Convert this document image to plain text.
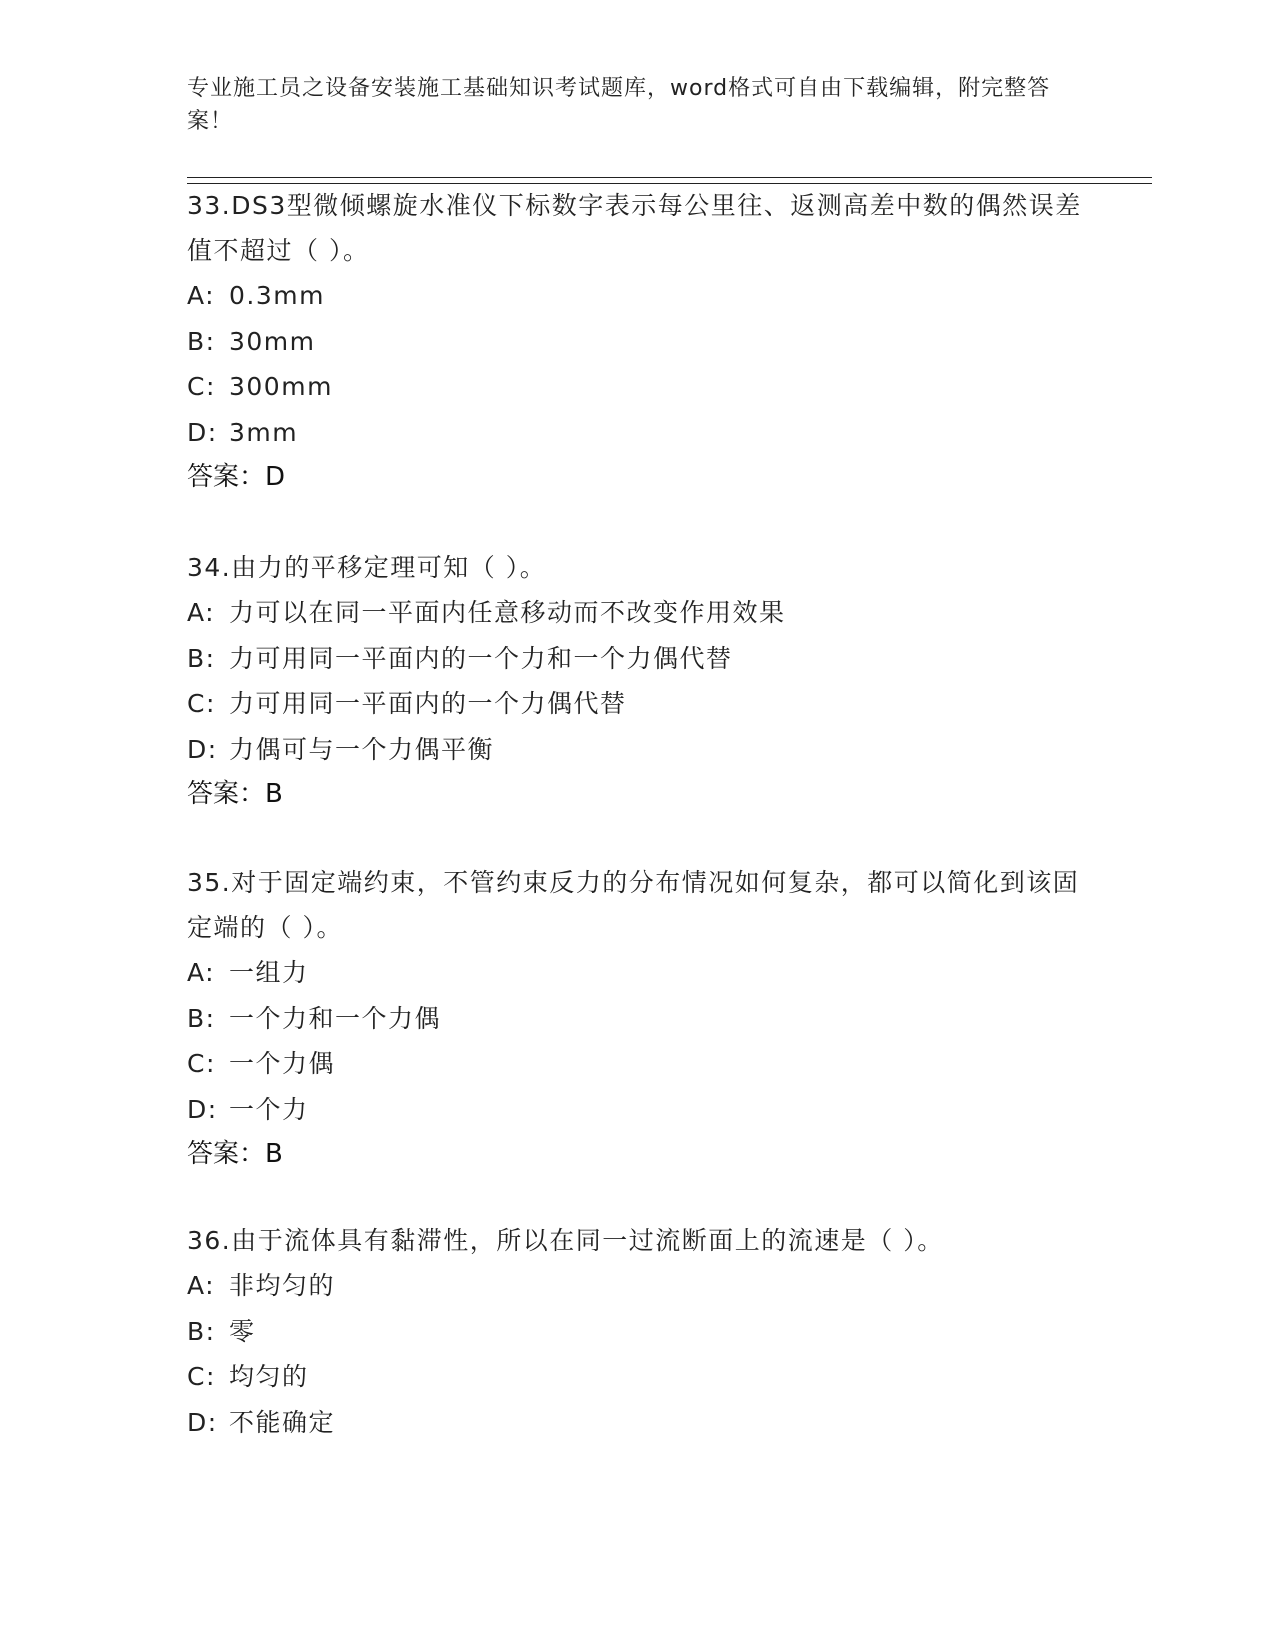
专业施工员之设备安装施工基础知识考试题库，word格式可自由下载编辑，附完整答案！

33.DS3型微倾螺旋水准仪下标数字表示每公里往、返测高差中数的偶然误差值不超过（ ）。

A: 0.3mm

B: 30mm

C: 300mm

D: 3mm

答案：D

34.由力的平移定理可知（ ）。

A: 力可以在同一平面内任意移动而不改变作用效果

B: 力可用同一平面内的一个力和一个力偶代替

C: 力可用同一平面内的一个力偶代替

D: 力偶可与一个力偶平衡

答案：B

35.对于固定端约束，不管约束反力的分布情况如何复杂，都可以简化到该固定端的（ ）。

A: 一组力

B: 一个力和一个力偶

C: 一个力偶

D: 一个力

答案：B

36.由于流体具有黏滞性，所以在同一过流断面上的流速是（ ）。

A: 非均匀的

B: 零

C: 均匀的

D: 不能确定
